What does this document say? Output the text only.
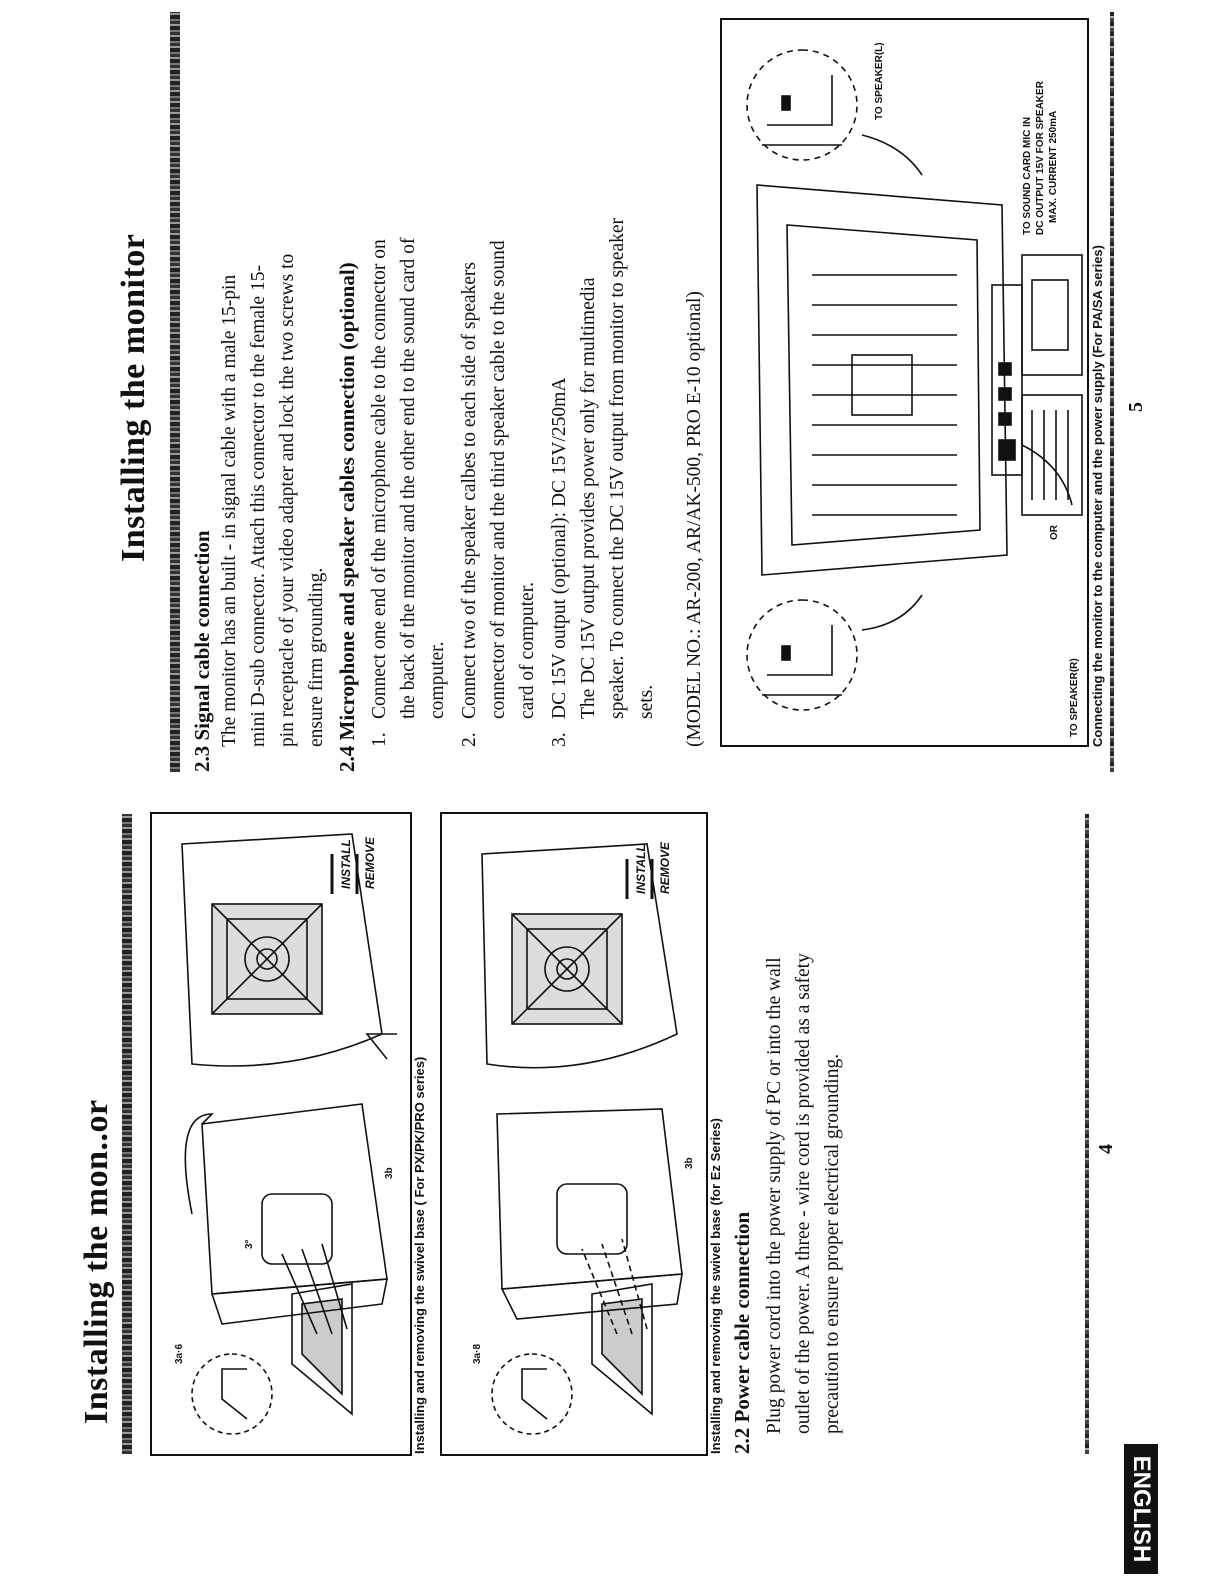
Installing the mon..or	3a·6
3b
3°
INSTALL REMOVE
Installing and removing the swivel base ( For PX/PK/PRO series)	3a·8
3b
INSTALL REMOVE
Installing and removing the swivel base (for Ez Series) 2.2 Power cable connection Plug power cord into the power supply of PC or into the wall outlet of the power. A three - wire cord is provided as a safety precaution to ensure proper electrical grounding.	4
ENGLISH
Installing the monitor
2.3 Signal cable connection The monitor has an built - in signal cable with a male 15-pin mini D-sub connector. Attach this connector to the female 15- pin receptacle of your video adapter and lock the two screws to ensure firm grounding. 2.4 Microphone and speaker cables connection (optional) 1.
Connect one end of the microphone cable to the connector on the back of the monitor and the other end to the sound card of computer.
2.
Connect two of the speaker calbes to each side of speakers connector of monitor and the third speaker cable to the sound card of computer.
3.
DC 15V output (optional): DC 15V/250mA The DC 15V output provides power only for multimedia speaker. To connect the DC 15V output from monitor to speaker sets. (MODEL NO.: AR-200, AR/AK-500, PRO E-10 optional)	TO SPEAKER(R)
TO SPEAKER(L)
TO SOUND CARD MIC IN DC OUTPUT 15V FOR SPEAKER MAX. CURRENT 250mA
OR Connecting the monitor to the computer and the power supply (For PA/SA series) 5
